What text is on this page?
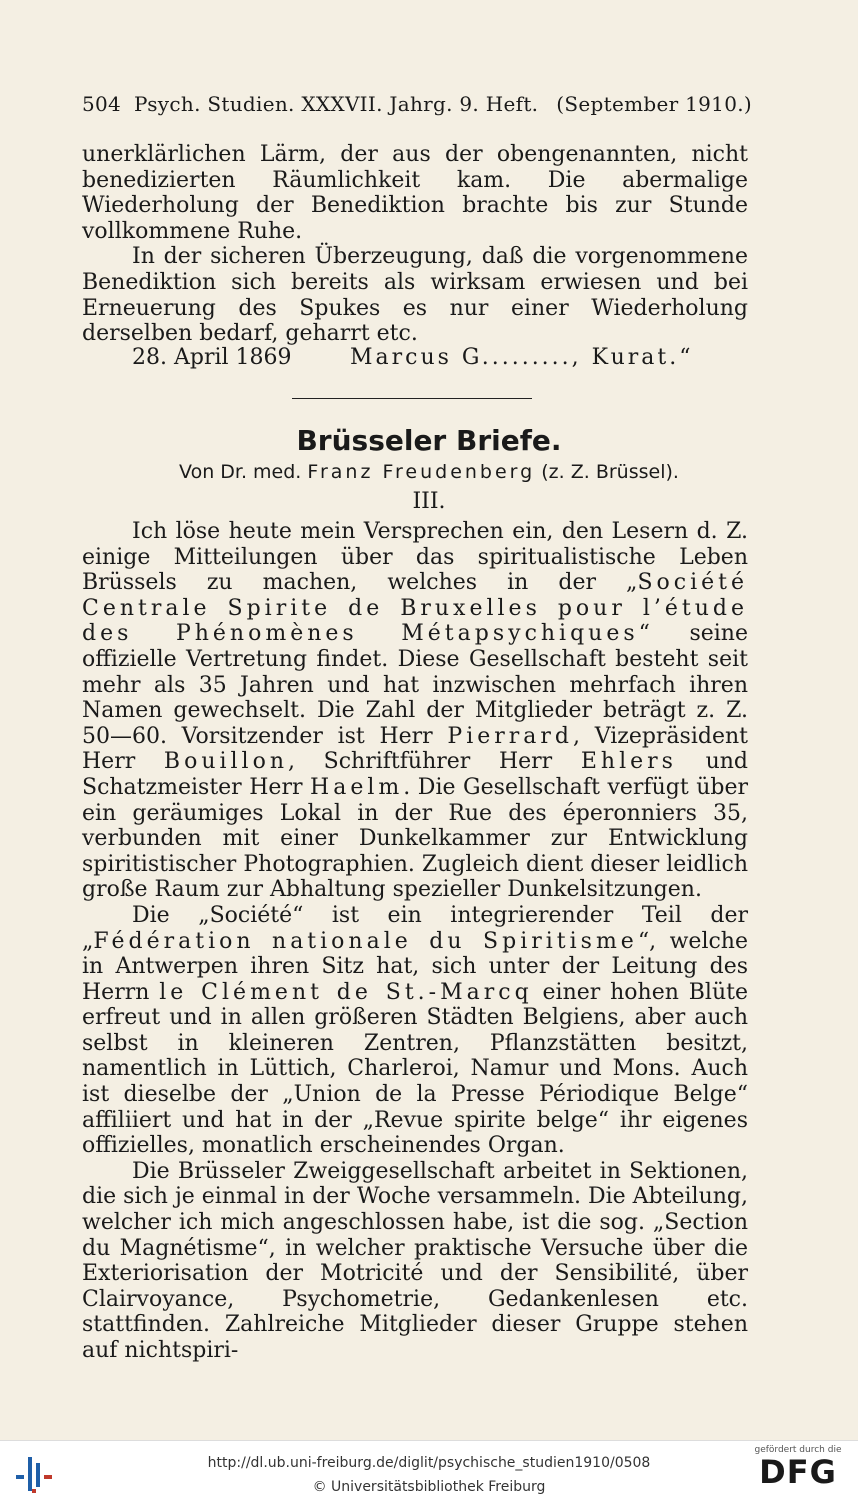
504 Psych. Studien. XXXVII. Jahrg. 9. Heft. (September 1910.)

unerklärlichen Lärm, der aus der obengenannten, nicht benedizierten Räumlichkeit kam. Die abermalige Wiederholung der Benediktion brachte bis zur Stunde vollkommene Ruhe.

In der sicheren Überzeugung, daß die vorgenommene Benediktion sich bereits als wirksam erwiesen und bei Erneuerung des Spukes es nur einer Wiederholung derselben bedarf, geharrt etc.

28. April 1869	Marcus G........., Kurat.“
Brüsseler Briefe.
Von Dr. med. Franz Freudenberg (z. Z. Brüssel).
III.

Ich löse heute mein Versprechen ein, den Lesern d. Z. einige Mitteilungen über das spiritualistische Leben Brüssels zu machen, welches in der „Société Centrale Spirite de Bruxelles pour l’étude des Phénomènes Métapsychiques“ seine offizielle Vertretung findet. Diese Gesellschaft besteht seit mehr als 35 Jahren und hat inzwischen mehrfach ihren Namen gewechselt. Die Zahl der Mitglieder beträgt z. Z. 50—60. Vorsitzender ist Herr Pierrard, Vizepräsident Herr Bouillon, Schriftführer Herr Ehlers und Schatzmeister Herr Haelm. Die Gesellschaft verfügt über ein geräumiges Lokal in der Rue des éperonniers 35, verbunden mit einer Dunkelkammer zur Entwicklung spiritistischer Photographien. Zugleich dient dieser leidlich große Raum zur Abhaltung spezieller Dunkelsitzungen.

Die „Société“ ist ein integrierender Teil der „Fédération nationale du Spiritisme“, welche in Antwerpen ihren Sitz hat, sich unter der Leitung des Herrn le Clément de St.-Marcq einer hohen Blüte erfreut und in allen größeren Städten Belgiens, aber auch selbst in kleineren Zentren, Pflanzstätten besitzt, namentlich in Lüttich, Charleroi, Namur und Mons. Auch ist dieselbe der „Union de la Presse Périodique Belge“ affiliiert und hat in der „Revue spirite belge“ ihr eigenes offizielles, monatlich erscheinendes Organ.

Die Brüsseler Zweiggesellschaft arbeitet in Sektionen, die sich je einmal in der Woche versammeln. Die Abteilung, welcher ich mich angeschlossen habe, ist die sog. „Section du Magnétisme“, in welcher praktische Versuche über die Exteriorisation der Motricité und der Sensibilité, über Clairvoyance, Psychometrie, Gedankenlesen etc. stattfinden. Zahlreiche Mitglieder dieser Gruppe stehen auf nichtspiri-

http://dl.ub.uni-freiburg.de/diglit/psychische_studien1910/0508
© Universitätsbibliothek Freiburg
gefördert durch die
DFG
